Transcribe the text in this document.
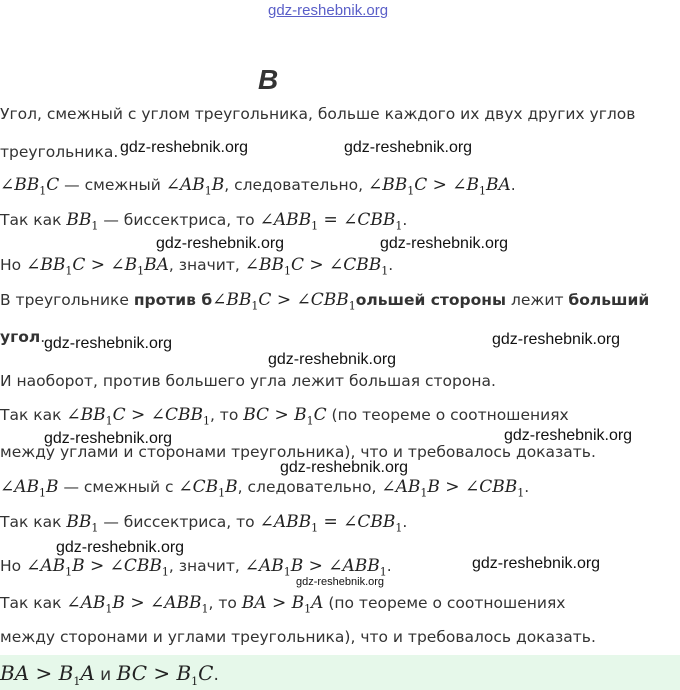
gdz-reshebnik.org
B
Угол, смежный с углом треугольника, больше каждого их двух других углов
треугольника.
$\angle BB_1C$ — смежный $\angle AB_1B$, следовательно, $\angle BB_1C$ > $\angle B_1BA$.
Так как $BB_1$ — биссектриса, то $\angle ABB_1$ = $\angle CBB_1$.
Но $\angle BB_1C$ > $\angle B_1BA$, значит, $\angle BB_1C$ > $\angle CBB_1$.
В треугольнике против $б\angle BB_1C$ > $\angle CBB_1ольшей$ стороны лежит больший
угол.
И наоборот, против большего угла лежит большая сторона.
Так как $\angle BB_1C$ > $\angle CBB_1$, то BC > $B_1C$ (по теореме о соотношениях
между углами и сторонами треугольника), что и требовалось доказать.
$\angle AB_1B$ — смежный с $\angle CB_1B$, следовательно, $\angle AB_1B$ > $\angle CBB_1$.
Так как $BB_1$ — биссектриса, то $\angle ABB_1$ = $\angle CBB_1$.
Но $\angle AB_1B$ > $\angle CBB_1$, значит, $\angle AB_1B$ > $\angle ABB_1$.
Так как $\angle AB_1B$ > $\angle ABB_1$, то BA > $B_1A$ (по теореме о соотношениях
между сторонами и углами треугольника), что и требовалось доказать.
BA > $B_1A$ и BC > $B_1C$.
gdz-reshebnik.org	gdz-reshebnik.org
gdz-reshebnik.org	gdz-reshebnik.org
gdz-reshebnik.org	gdz-reshebnik.org
gdz-reshebnik.org
gdz-reshebnik.org	gdz-reshebnik.org
gdz-reshebnik.org
gdz-reshebnik.org
gdz-reshebnik.org
gdz-reshebnik.org
